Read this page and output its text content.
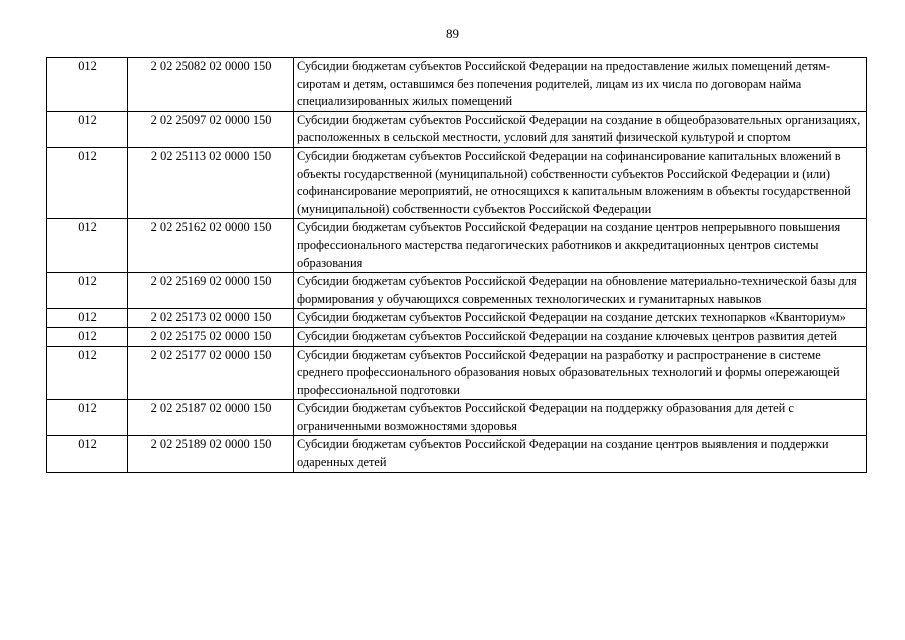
89
012	2 02 25082 02 0000 150	Субсидии бюджетам субъектов Российской Федерации на предоставление жилых помещений детям-сиротам и детям, оставшимся без попечения родителей, лицам из их числа по договорам найма специализированных жилых помещений
012	2 02 25097 02 0000 150	Субсидии бюджетам субъектов Российской Федерации на создание в общеобразовательных организациях, расположенных в сельской местности, условий для занятий физической культурой и спортом
012	2 02 25113 02 0000 150	Субсидии бюджетам субъектов Российской Федерации на софинансирование капитальных вложений в объекты государственной (муниципальной) собственности субъектов Российской Федерации и (или) софинансирование мероприятий, не относящихся к капитальным вложениям в объекты государственной (муниципальной) собственности субъектов Российской Федерации
012	2 02 25162 02 0000 150	Субсидии бюджетам субъектов Российской Федерации на создание центров непрерывного повышения профессионального мастерства педагогических работников и аккредитационных центров системы образования
012	2 02 25169 02 0000 150	Субсидии бюджетам субъектов Российской Федерации на обновление материально-технической базы для формирования у обучающихся современных технологических и гуманитарных навыков
012	2 02 25173 02 0000 150	Субсидии бюджетам субъектов Российской Федерации на создание детских технопарков «Кванториум»
012	2 02 25175 02 0000 150	Субсидии бюджетам субъектов Российской Федерации на создание ключевых центров развития детей
012	2 02 25177 02 0000 150	Субсидии бюджетам субъектов Российской Федерации на разработку и распространение в системе среднего профессионального образования новых образовательных технологий и формы опережающей профессиональной подготовки
012	2 02 25187 02 0000 150	Субсидии бюджетам субъектов Российской Федерации на поддержку образования для детей с ограниченными возможностями здоровья
012	2 02 25189 02 0000 150	Субсидии бюджетам субъектов Российской Федерации на создание центров выявления и поддержки одаренных детей
